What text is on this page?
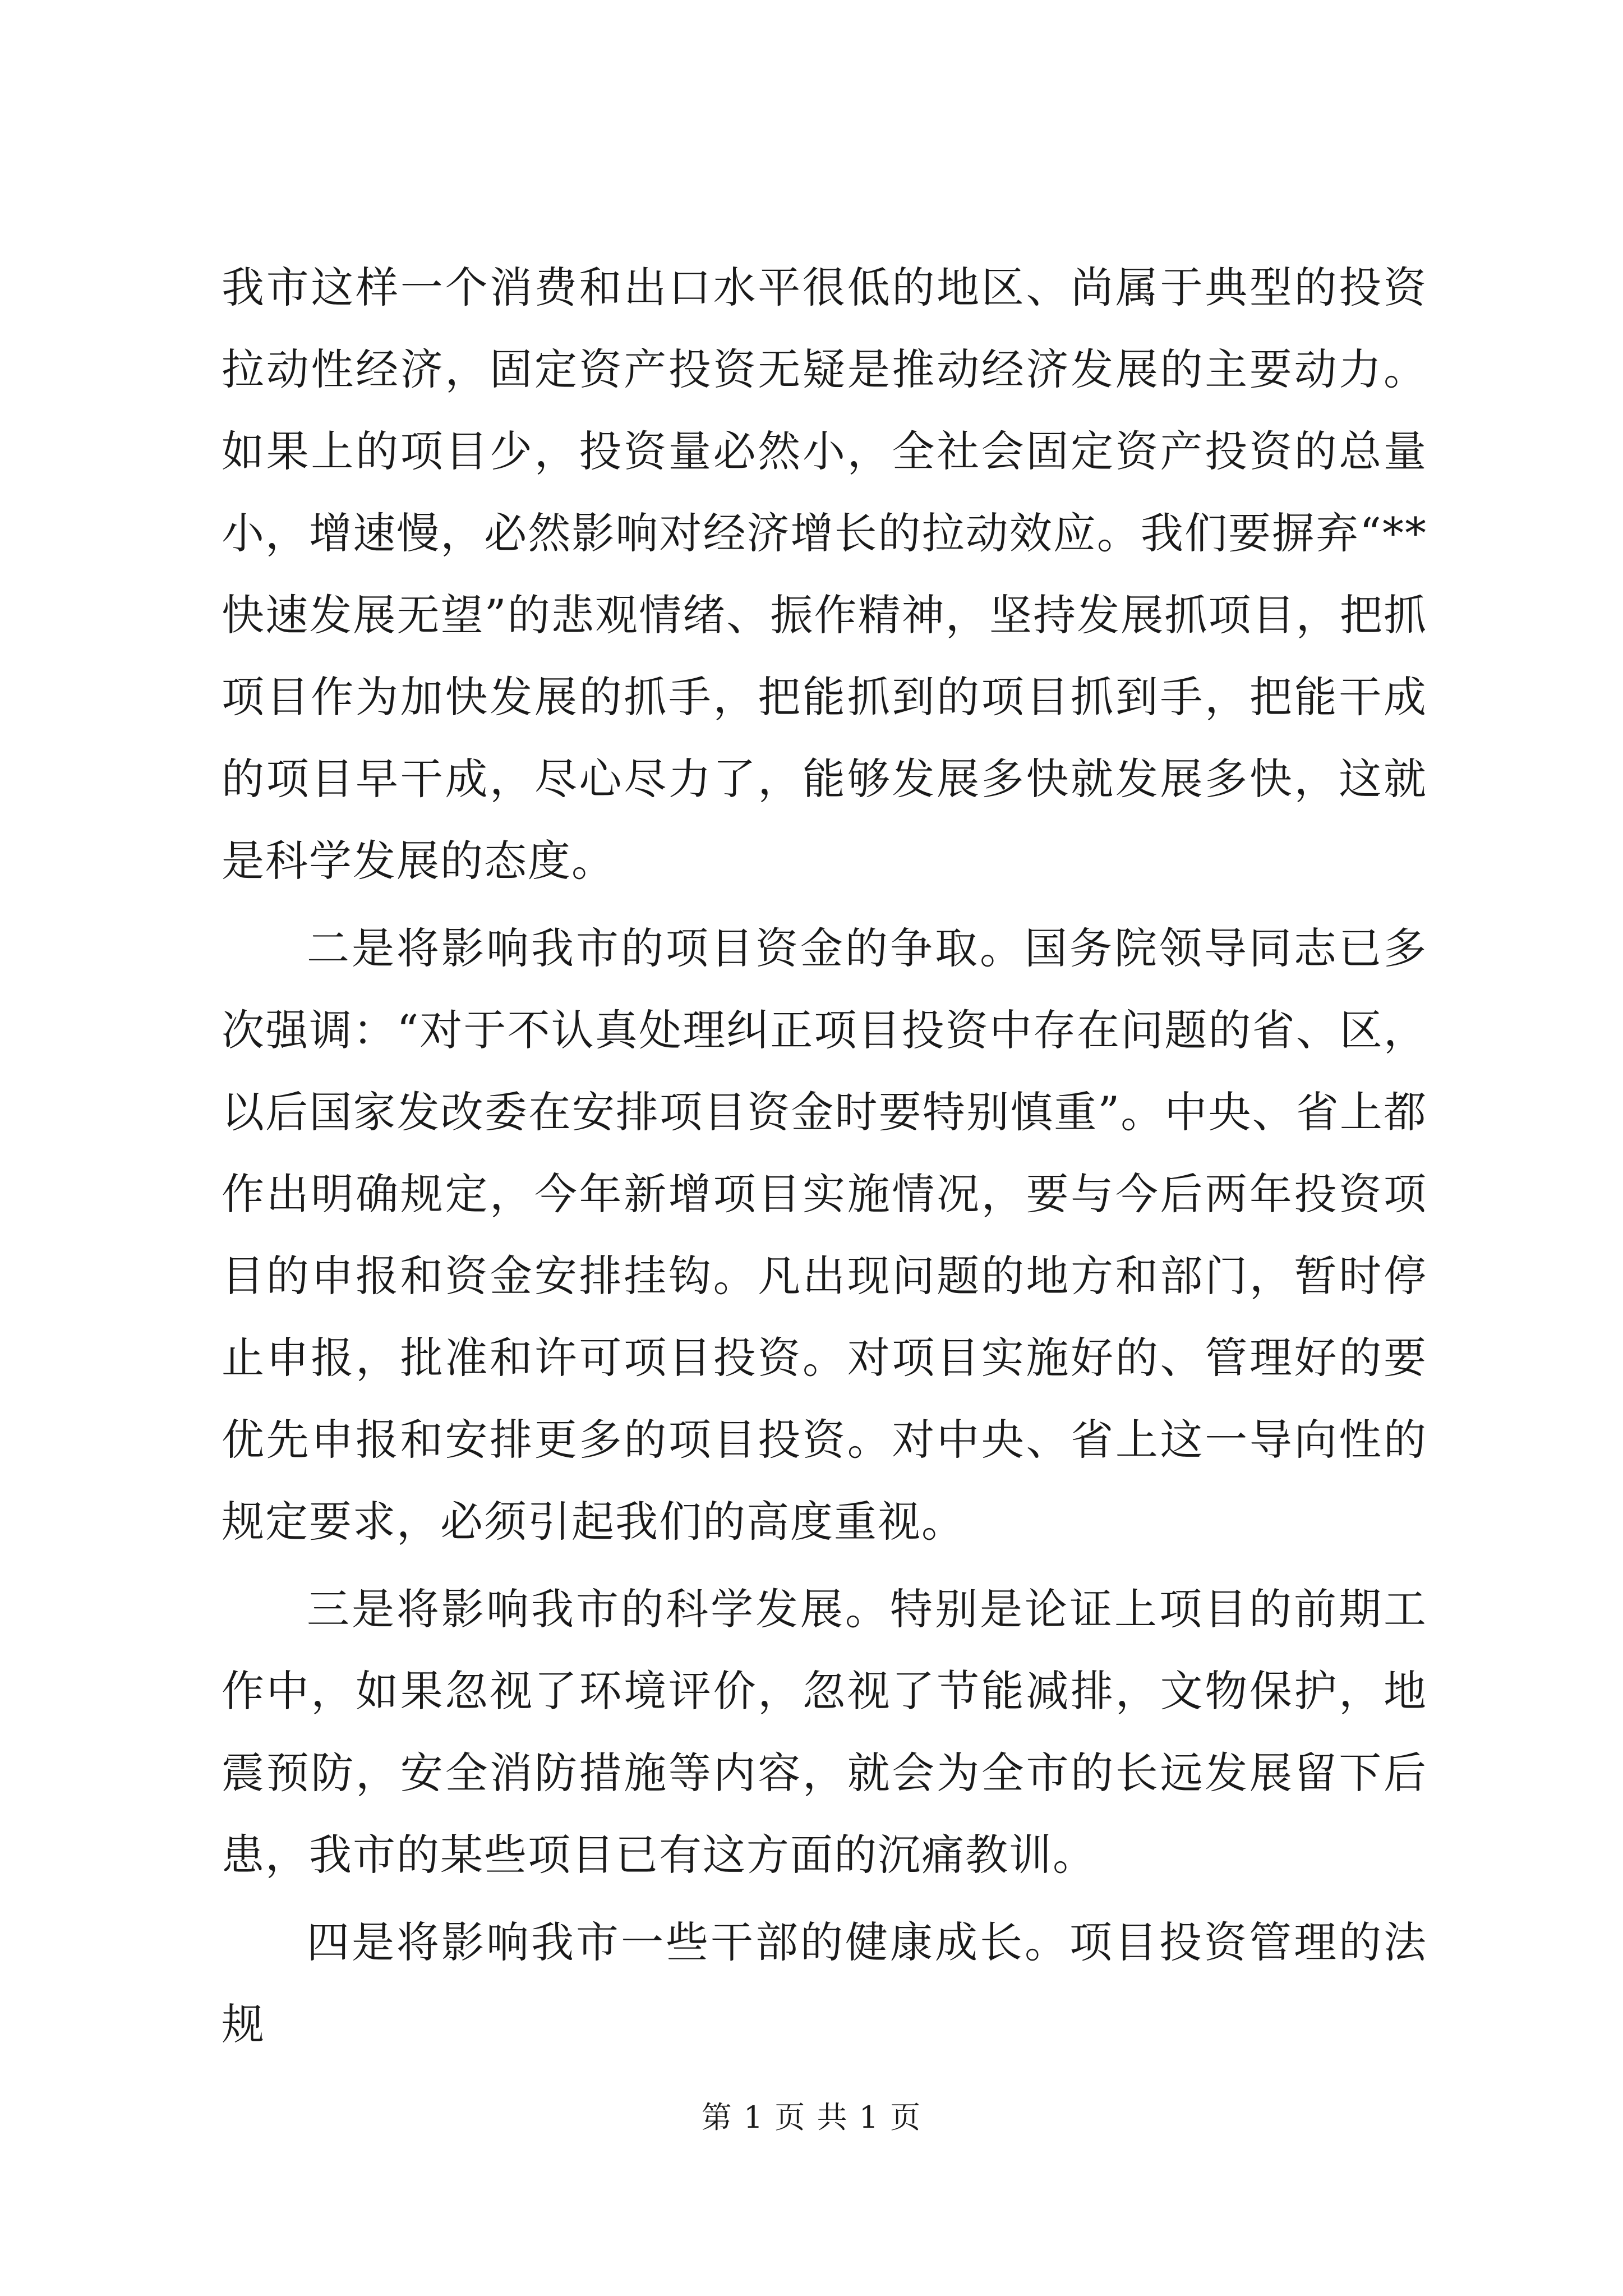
我市这样一个消费和出口水平很低的地区、尚属于典型的投资拉动性经济，固定资产投资无疑是推动经济发展的主要动力。如果上的项目少，投资量必然小，全社会固定资产投资的总量小，增速慢，必然影响对经济增长的拉动效应。我们要摒弃“**快速发展无望”的悲观情绪、振作精神，坚持发展抓项目，把抓项目作为加快发展的抓手，把能抓到的项目抓到手，把能干成的项目早干成，尽心尽力了，能够发展多快就发展多快，这就是科学发展的态度。

二是将影响我市的项目资金的争取。国务院领导同志已多次强调：“对于不认真处理纠正项目投资中存在问题的省、区，以后国家发改委在安排项目资金时要特别慎重”。中央、省上都作出明确规定，今年新增项目实施情况，要与今后两年投资项目的申报和资金安排挂钩。凡出现问题的地方和部门，暂时停止申报，批准和许可项目投资。对项目实施好的、管理好的要优先申报和安排更多的项目投资。对中央、省上这一导向性的规定要求，必须引起我们的高度重视。

三是将影响我市的科学发展。特别是论证上项目的前期工作中，如果忽视了环境评价，忽视了节能减排，文物保护，地震预防，安全消防措施等内容，就会为全市的长远发展留下后患，我市的某些项目已有这方面的沉痛教训。

四是将影响我市一些干部的健康成长。项目投资管理的法规

第 1 页 共 1 页
